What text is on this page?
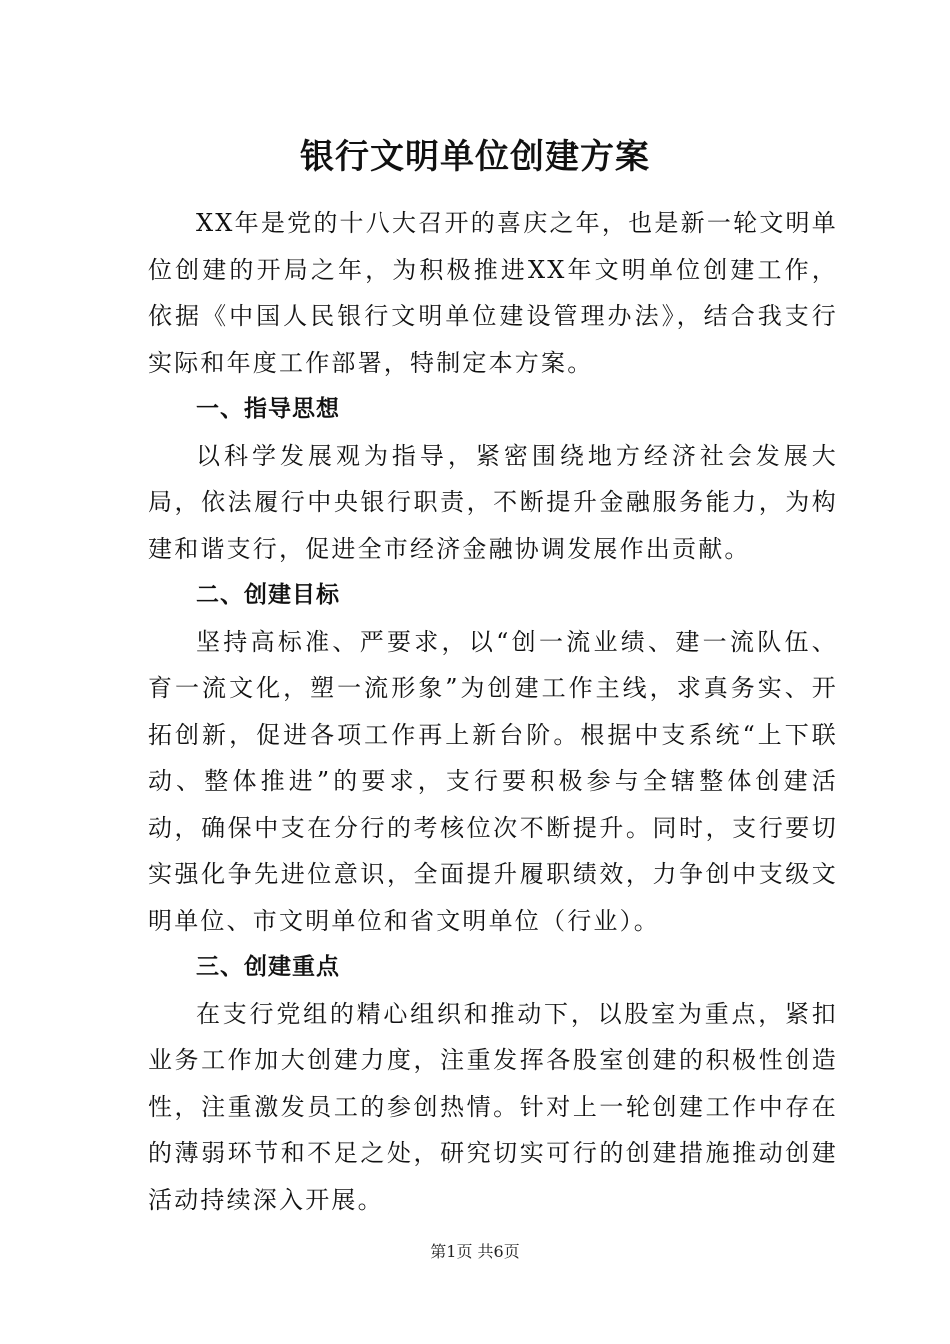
银行文明单位创建方案

XX年是党的十八大召开的喜庆之年，也是新一轮文明单位创建的开局之年，为积极推进XX年文明单位创建工作，依据《中国人民银行文明单位建设管理办法》，结合我支行实际和年度工作部署，特制定本方案。

一、指导思想

以科学发展观为指导，紧密围绕地方经济社会发展大局，依法履行中央银行职责，不断提升金融服务能力，为构建和谐支行，促进全市经济金融协调发展作出贡献。

二、创建目标

坚持高标准、严要求，以“创一流业绩、建一流队伍、育一流文化，塑一流形象”为创建工作主线，求真务实、开拓创新，促进各项工作再上新台阶。根据中支系统“上下联动、整体推进”的要求，支行要积极参与全辖整体创建活动，确保中支在分行的考核位次不断提升。同时，支行要切实强化争先进位意识，全面提升履职绩效，力争创中支级文明单位、市文明单位和省文明单位（行业）。

三、创建重点

在支行党组的精心组织和推动下，以股室为重点，紧扣业务工作加大创建力度，注重发挥各股室创建的积极性创造性，注重激发员工的参创热情。针对上一轮创建工作中存在的薄弱环节和不足之处，研究切实可行的创建措施推动创建活动持续深入开展。

第1页 共6页
